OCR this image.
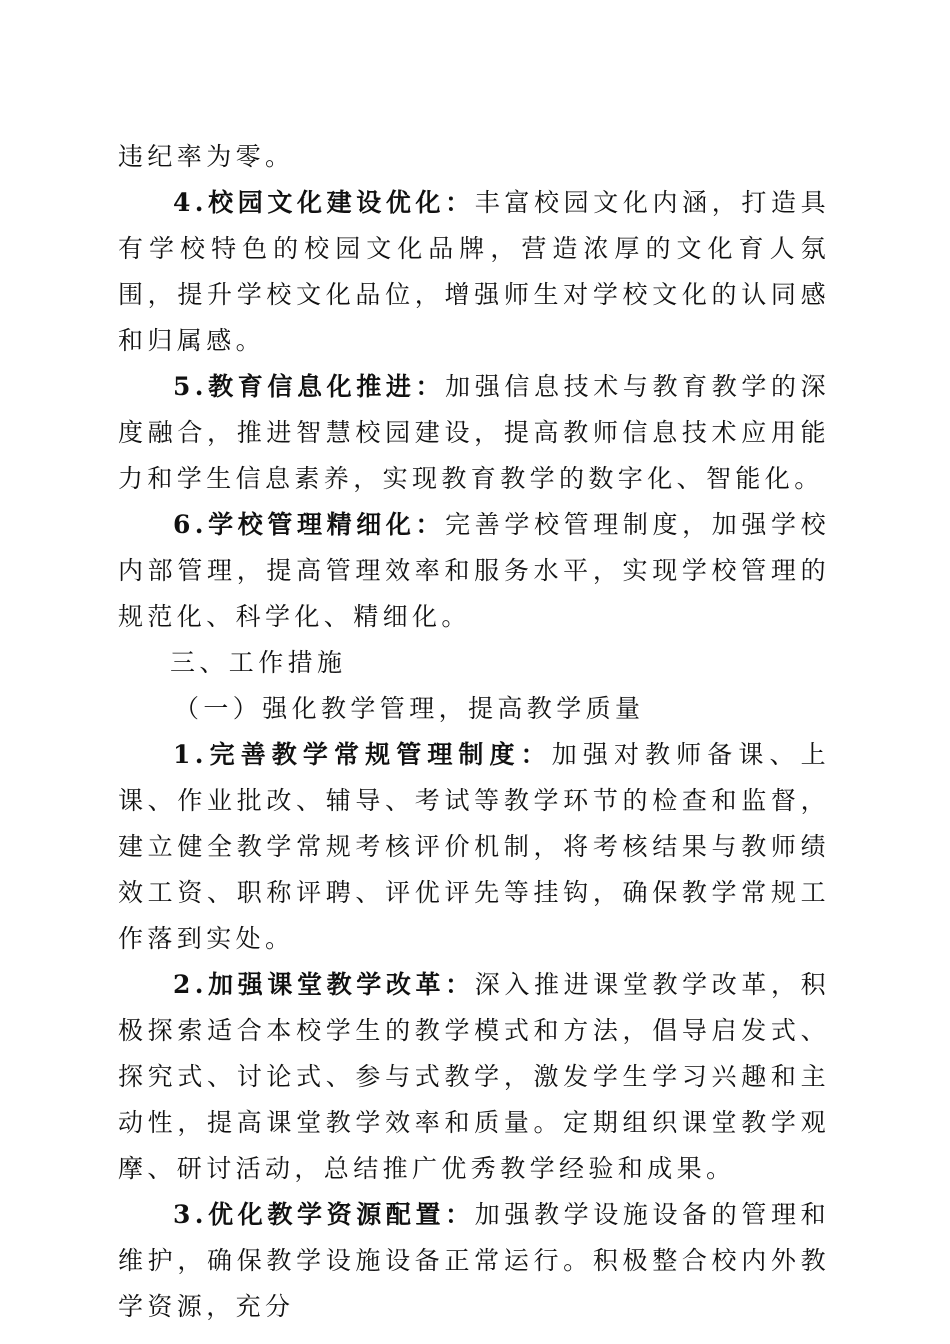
违纪率为零。

4.校园文化建设优化：丰富校园文化内涵，打造具有学校特色的校园文化品牌，营造浓厚的文化育人氛围，提升学校文化品位，增强师生对学校文化的认同感和归属感。

5.教育信息化推进：加强信息技术与教育教学的深度融合，推进智慧校园建设，提高教师信息技术应用能力和学生信息素养，实现教育教学的数字化、智能化。

6.学校管理精细化：完善学校管理制度，加强学校内部管理，提高管理效率和服务水平，实现学校管理的规范化、科学化、精细化。

三、工作措施

（一）强化教学管理，提高教学质量

1.完善教学常规管理制度：加强对教师备课、上课、作业批改、辅导、考试等教学环节的检查和监督，建立健全教学常规考核评价机制，将考核结果与教师绩效工资、职称评聘、评优评先等挂钩，确保教学常规工作落到实处。

2.加强课堂教学改革：深入推进课堂教学改革，积极探索适合本校学生的教学模式和方法，倡导启发式、探究式、讨论式、参与式教学，激发学生学习兴趣和主动性，提高课堂教学效率和质量。定期组织课堂教学观摩、研讨活动，总结推广优秀教学经验和成果。

3.优化教学资源配置：加强教学设施设备的管理和维护，确保教学设施设备正常运行。积极整合校内外教学资源，充分
